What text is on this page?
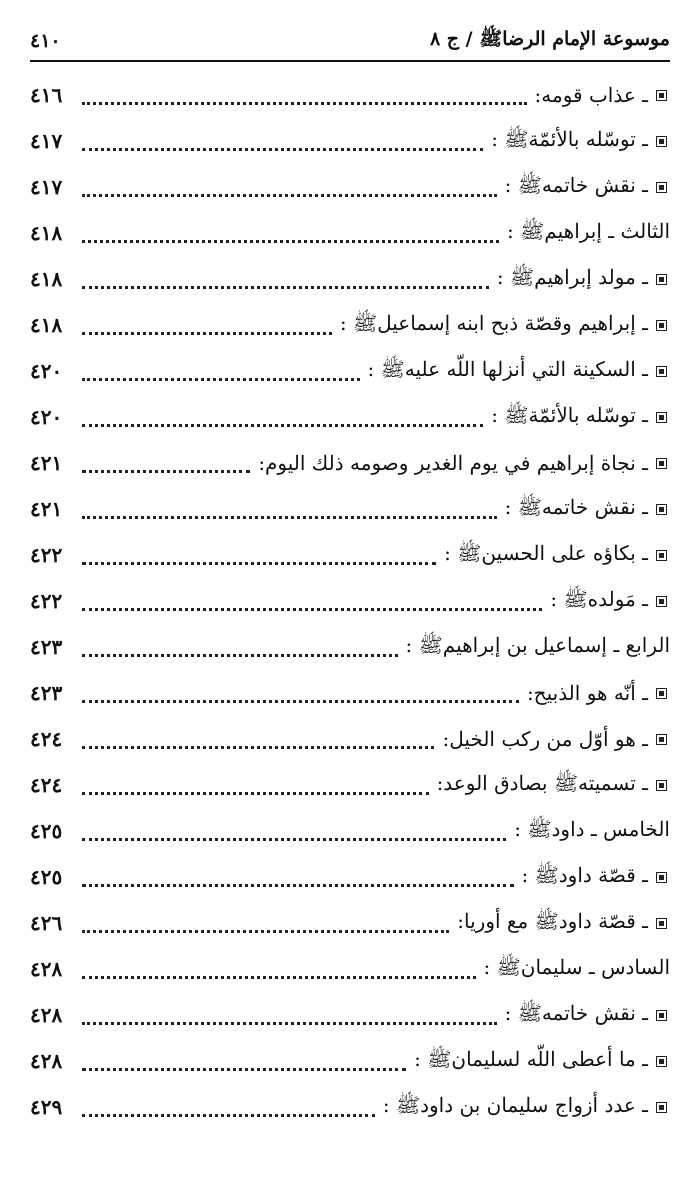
موسوعة الإمام الرضاﷺ / ج ٨
٤١٠
ـ عذاب قومه:
٤١٦
ـ توسّله بالأئمّةﷺ :
٤١٧
ـ نقش خاتمهﷺ :
٤١٧
الثالث ـ إبراهيمﷺ :
٤١٨
ـ مولد إبراهيمﷺ :
٤١٨
ـ إبراهيم وقصّة ذبح ابنه إسماعيلﷺ :
٤١٨
ـ السكينة التي أنزلها اللّه عليهﷺ :
٤٢٠
ـ توسّله بالأئمّةﷺ :
٤٢٠
ـ نجاة إبراهيم في يوم الغدير وصومه ذلك اليوم:
٤٢١
ـ نقش خاتمهﷺ :
٤٢١
ـ بكاؤه على الحسينﷺ :
٤٢٢
ـ مَولدهﷺ :
٤٢٢
الرابع ـ إسماعيل بن إبراهيمﷺ :
٤٢٣
ـ أنّه هو الذبيح:
٤٢٣
ـ هو أوّل من ركب الخيل:
٤٢٤
ـ تسميتهﷺ بصادق الوعد:
٤٢٤
الخامس ـ داودﷺ :
٤٢٥
ـ قصّة داودﷺ :
٤٢٥
ـ قصّة داودﷺ مع أوريا:
٤٢٦
السادس ـ سليمانﷺ :
٤٢٨
ـ نقش خاتمهﷺ :
٤٢٨
ـ ما أعطى اللّه لسليمانﷺ :
٤٢٨
ـ عدد أزواج سليمان بن داودﷺ :
٤٢٩
